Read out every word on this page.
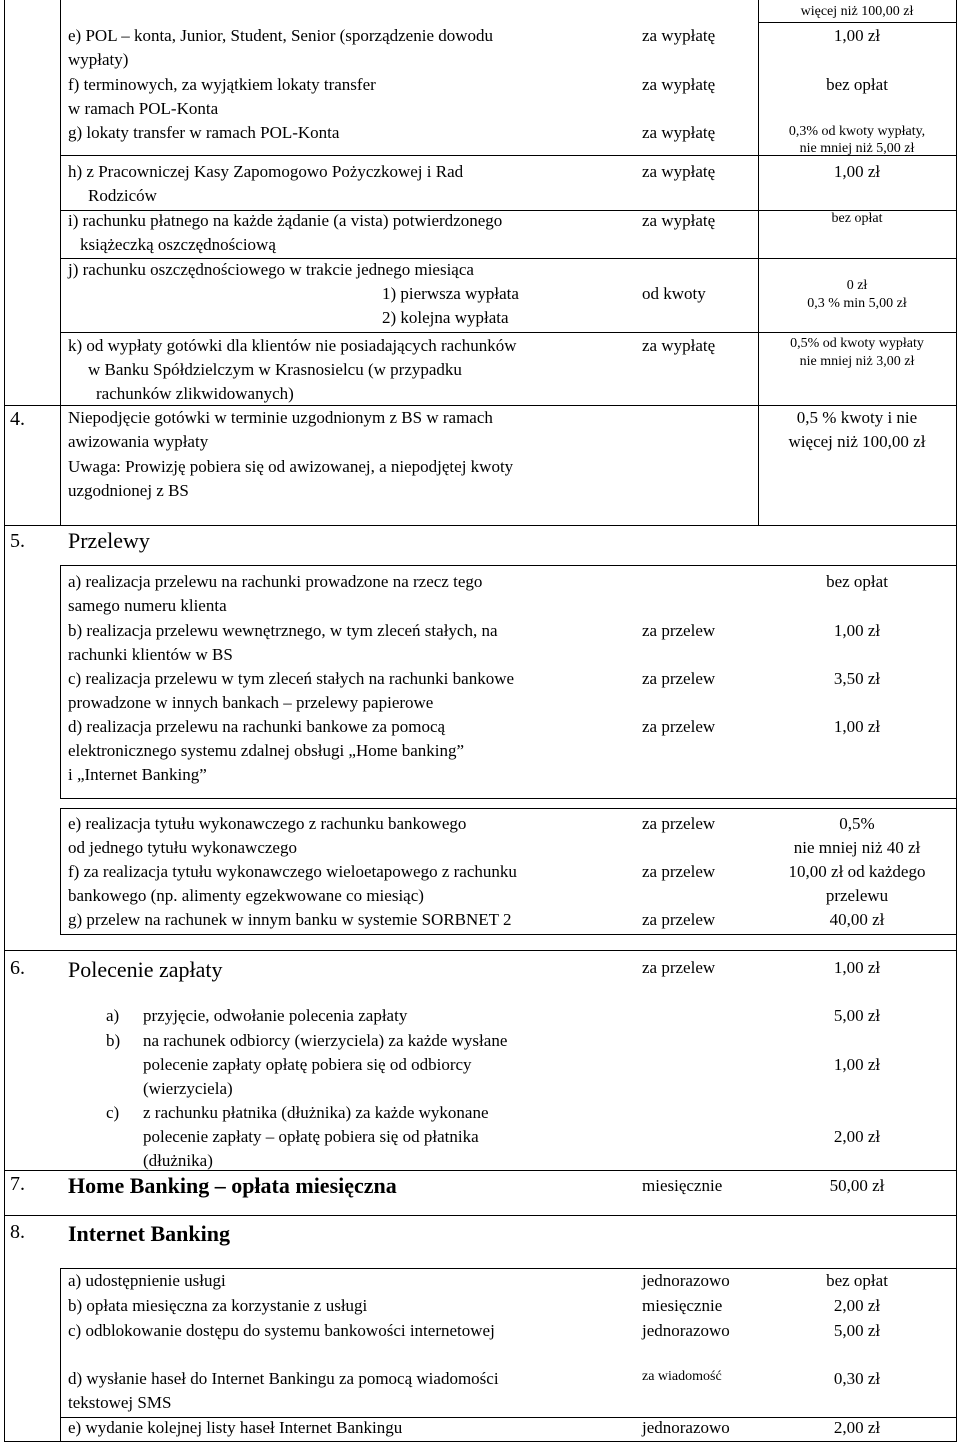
więcej niż 100,00 zł
e) POL – konta, Junior, Student, Senior (sporządzenie dowodu
wypłaty)
za wypłatę	1,00 zł
f) terminowych, za wyjątkiem lokaty transfer
w ramach POL-Konta
za wypłatę	bez opłat
g) lokaty transfer w ramach POL-Konta	za wypłatę	0,3% od kwoty wypłaty,
nie mniej niż 5,00 zł
h) z Pracowniczej Kasy Zapomogowo Pożyczkowej i Rad
Rodziców
za wypłatę	1,00 zł
i) rachunku płatnego na każde żądanie (a vista) potwierdzonego
książeczką oszczędnościową
za wypłatę	bez opłat
j) rachunku oszczędnościowego w trakcie jednego miesiąca
1) pierwsza wypłata
2) kolejna wypłata
od kwoty	0 zł
0,3 % min 5,00 zł
k) od wypłaty gotówki dla klientów nie posiadających rachunków
w Banku Spółdzielczym w Krasnosielcu (w przypadku
rachunków zlikwidowanych)
za wypłatę	0,5% od kwoty wypłaty
nie mniej niż 3,00 zł
4.	Niepodjęcie gotówki w terminie uzgodnionym z BS w ramach
awizowania wypłaty
Uwaga: Prowizję pobiera się od awizowanej, a niepodjętej kwoty
uzgodnionej z BS
0,5 % kwoty i nie
więcej niż 100,00 zł
5. Przelewy
a) realizacja przelewu na rachunki prowadzone na rzecz tego
samego numeru klienta
bez opłat
b) realizacja przelewu wewnętrznego, w tym zleceń stałych, na
rachunki klientów w BS
za przelew	1,00 zł
c) realizacja przelewu w tym zleceń stałych na rachunki bankowe
prowadzone w innych bankach – przelewy papierowe
za przelew	3,50 zł
d) realizacja przelewu na rachunki bankowe za pomocą
elektronicznego systemu zdalnej obsługi „Home banking”
i „Internet Banking”
za przelew	1,00 zł
e) realizacja tytułu wykonawczego z rachunku bankowego
od jednego tytułu wykonawczego
za przelew	0,5%
nie mniej niż 40 zł
f) za realizacja tytułu wykonawczego wieloetapowego z rachunku
bankowego (np. alimenty egzekwowane co miesiąc)
za przelew	10,00 zł od każdego
przelewu
g) przelew na rachunek w innym banku w systemie SORBNET 2	za przelew	40,00 zł
6. Polecenie zapłaty	za przelew	1,00 zł
a) przyjęcie, odwołanie polecenia zapłaty	5,00 zł
b) na rachunek odbiorcy (wierzyciela) za każde wysłane
polecenie zapłaty opłatę pobiera się od odbiorcy
(wierzyciela)
1,00 zł
c) z rachunku płatnika (dłużnika) za każde wykonane
polecenie zapłaty – opłatę pobiera się od płatnika
(dłużnika)
2,00 zł
7. Home Banking – opłata miesięczna	miesięcznie	50,00 zł
8. Internet Banking
a) udostępnienie usługi	jednorazowo	bez opłat
b) opłata miesięczna za korzystanie z usługi	miesięcznie	2,00 zł
c) odblokowanie dostępu do systemu bankowości internetowej	jednorazowo	5,00 zł
d) wysłanie haseł do Internet Bankingu za pomocą wiadomości
tekstowej SMS
za wiadomość	0,30 zł
e) wydanie kolejnej listy haseł Internet Bankingu	jednorazowo	2,00 zł
